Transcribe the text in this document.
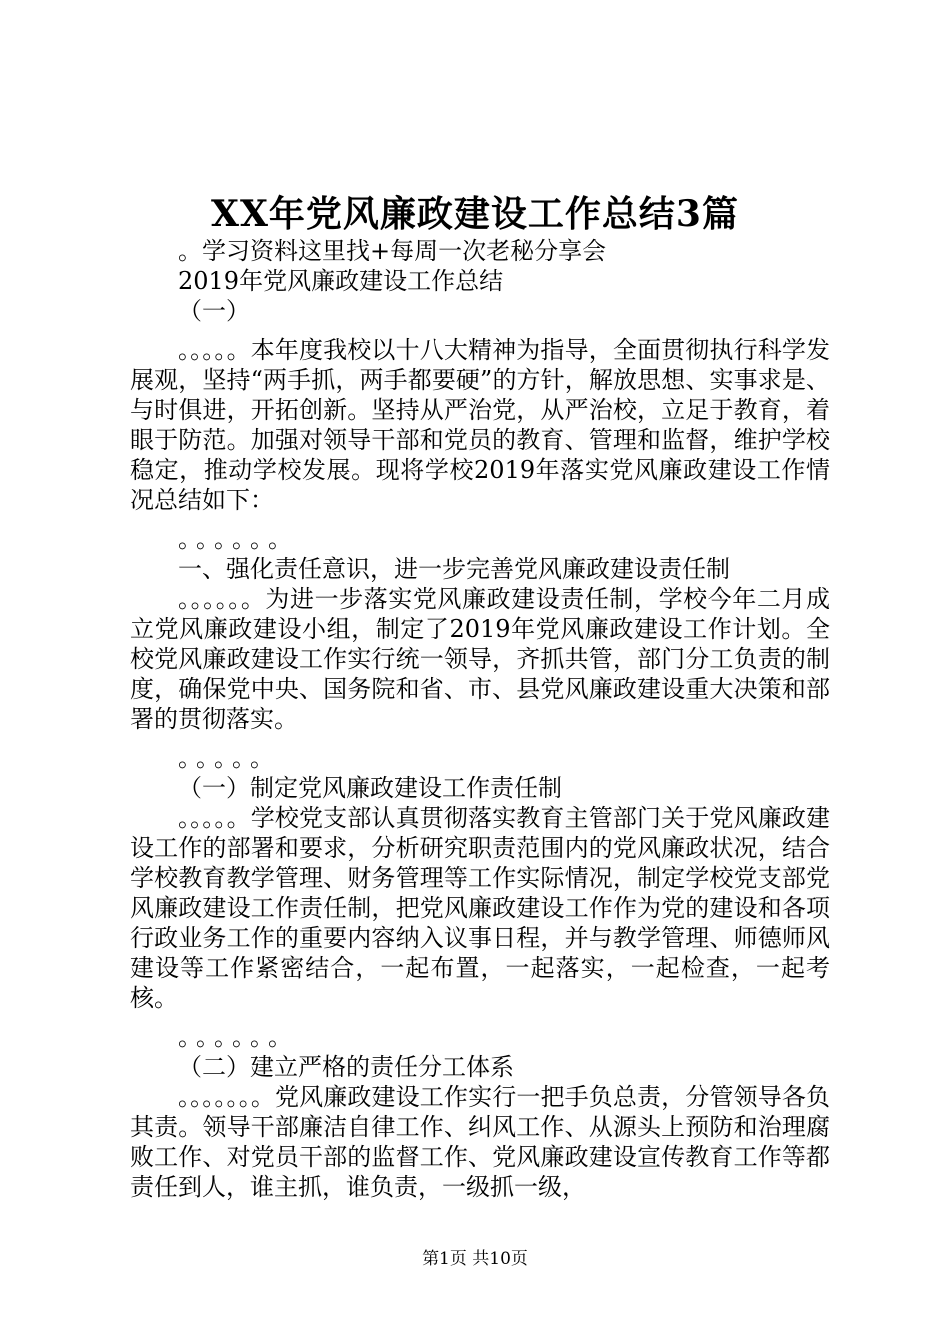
XX年党风廉政建设工作总结3篇

。学习资料这里找+每周一次老秘分享会

2019年党风廉政建设工作总结

（一）

。。。。。本年度我校以十八大精神为指导，全面贯彻执行科学发展观，坚持“两手抓，两手都要硬”的方针，解放思想、实事求是、与时俱进，开拓创新。坚持从严治党，从严治校，立足于教育，着眼于防范。加强对领导干部和党员的教育、管理和监督，维护学校稳定，推动学校发展。现将学校2019年落实党风廉政建设工作情况总结如下：

。。。。。。

一、强化责任意识，进一步完善党风廉政建设责任制

。。。。。。为进一步落实党风廉政建设责任制，学校今年二月成立党风廉政建设小组，制定了2019年党风廉政建设工作计划。全校党风廉政建设工作实行统一领导，齐抓共管，部门分工负责的制度，确保党中央、国务院和省、市、县党风廉政建设重大决策和部署的贯彻落实。

。。。。。

（一）制定党风廉政建设工作责任制

。。。。。学校党支部认真贯彻落实教育主管部门关于党风廉政建设工作的部署和要求，分析研究职责范围内的党风廉政状况，结合学校教育教学管理、财务管理等工作实际情况，制定学校党支部党风廉政建设工作责任制，把党风廉政建设工作作为党的建设和各项行政业务工作的重要内容纳入议事日程，并与教学管理、师德师风建设等工作紧密结合，一起布置，一起落实，一起检查，一起考核。

。。。。。。

（二）建立严格的责任分工体系

。。。。。。。党风廉政建设工作实行一把手负总责，分管领导各负其责。领导干部廉洁自律工作、纠风工作、从源头上预防和治理腐败工作、对党员干部的监督工作、党风廉政建设宣传教育工作等都责任到人，谁主抓，谁负责，一级抓一级，

第1页 共10页
